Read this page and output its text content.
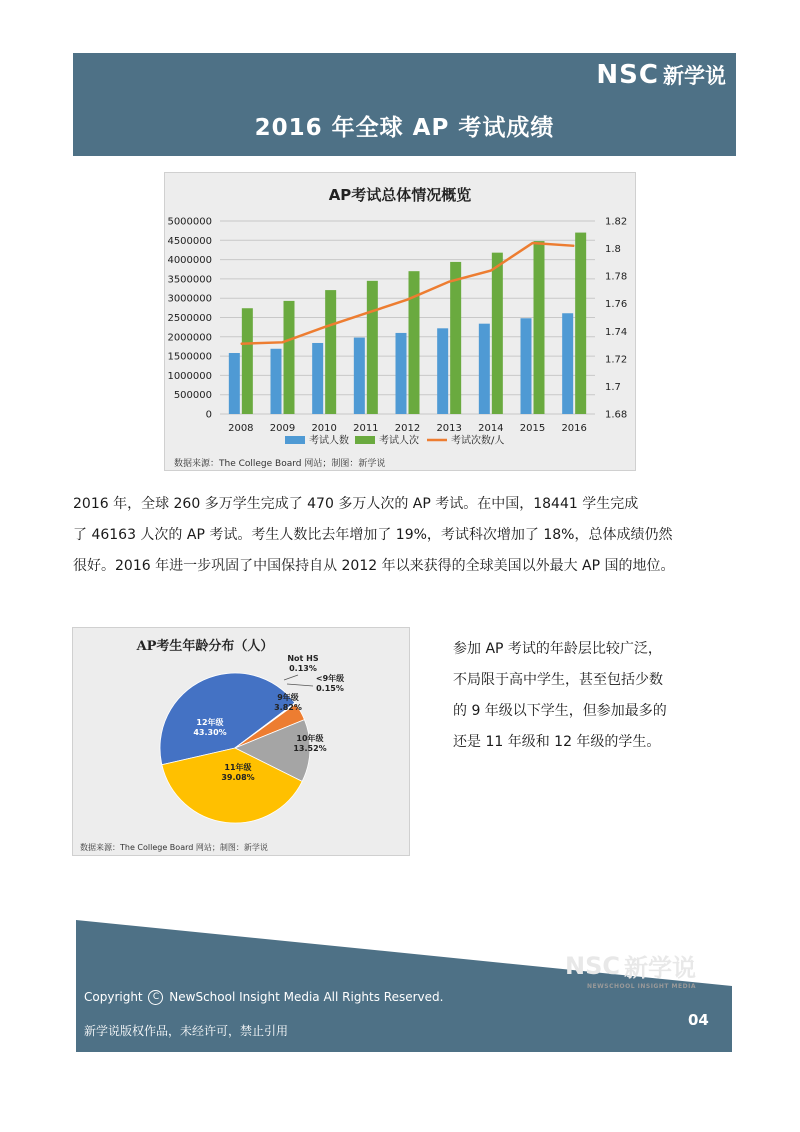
NSC 新学说
2016 年全球 AP 考试成绩
AP考试总体情况概览
0
500000
1000000
1500000
2000000
2500000
3000000
3500000
4000000
4500000
5000000
1.68
1.7
1.72
1.74
1.76
1.78
1.8
1.82
2008 2009 2010 2011 2012 2013 2014 2015 2016
考试人数	考试人次	考试次数/人
数据来源：The College Board 网站；制图：新学说
2016 年，全球 260 多万学生完成了 470 多万人次的 AP 考试。在中国，18441 学生完成
了 46163 人次的 AP 考试。考生人数比去年增加了 19%，考试科次增加了 18%，总体成绩仍然
很好。2016 年进一步巩固了中国保持自从 2012 年以来获得的全球美国以外最大 AP 国的地位。
AP考生年龄分布（人）
12年级
43.30%
Not HS
0.13%
<9年级
0.15%
9年级
3.82%
10年级
13.52%
11年级
39.08%
数据来源：The College Board 网站；制图：新学说
参加 AP 考试的年龄层比较广泛，
不局限于高中学生，甚至包括少数
的 9 年级以下学生，但参加最多的
还是 11 年级和 12 年级的学生。
NSC 新学说
NEWSCHOOL INSIGHT MEDIA
Copyright C NewSchool Insight Media All Rights Reserved.
新学说版权作品，未经许可，禁止引用
04
